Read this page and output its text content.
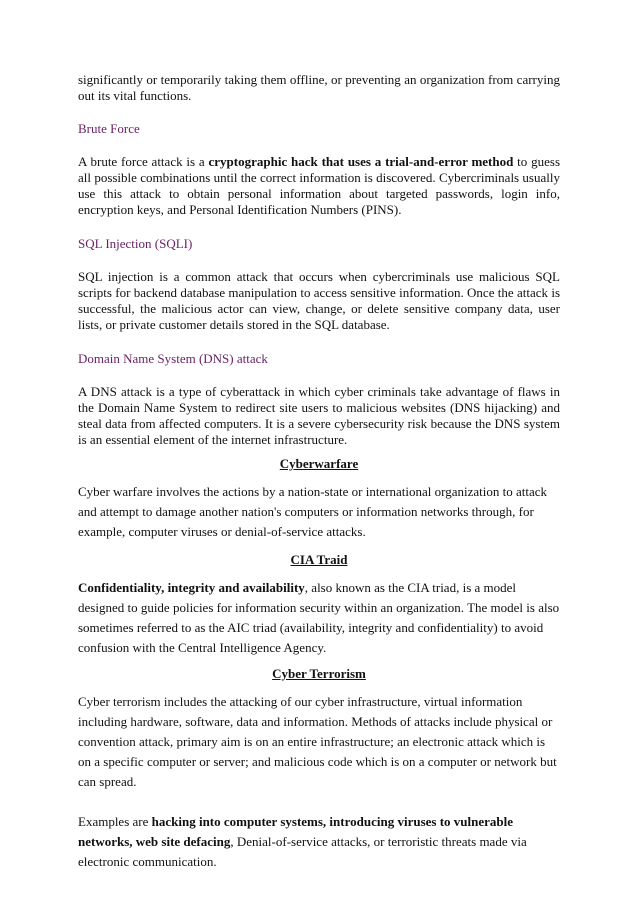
significantly or temporarily taking them offline, or preventing an organization from carrying out its vital functions.

Brute Force

A brute force attack is a cryptographic hack that uses a trial-and-error method to guess all possible combinations until the correct information is discovered. Cybercriminals usually use this attack to obtain personal information about targeted passwords, login info, encryption keys, and Personal Identification Numbers (PINS).

SQL Injection (SQLI)

SQL injection is a common attack that occurs when cybercriminals use malicious SQL scripts for backend database manipulation to access sensitive information. Once the attack is successful, the malicious actor can view, change, or delete sensitive company data, user lists, or private customer details stored in the SQL database.

Domain Name System (DNS) attack

A DNS attack is a type of cyberattack in which cyber criminals take advantage of flaws in the Domain Name System to redirect site users to malicious websites (DNS hijacking) and steal data from affected computers. It is a severe cybersecurity risk because the DNS system is an essential element of the internet infrastructure.

Cyberwarfare

Cyber warfare involves the actions by a nation-state or international organization to attack and attempt to damage another nation's computers or information networks through, for example, computer viruses or denial-of-service attacks.

CIA Traid

Confidentiality, integrity and availability, also known as the CIA triad, is a model designed to guide policies for information security within an organization. The model is also sometimes referred to as the AIC triad (availability, integrity and confidentiality) to avoid confusion with the Central Intelligence Agency.

Cyber Terrorism

Cyber terrorism includes the attacking of our cyber infrastructure, virtual information including hardware, software, data and information. Methods of attacks include physical or convention attack, primary aim is on an entire infrastructure; an electronic attack which is on a specific computer or server; and malicious code which is on a computer or network but can spread.

Examples are hacking into computer systems, introducing viruses to vulnerable networks, web site defacing, Denial-of-service attacks, or terroristic threats made via electronic communication.
